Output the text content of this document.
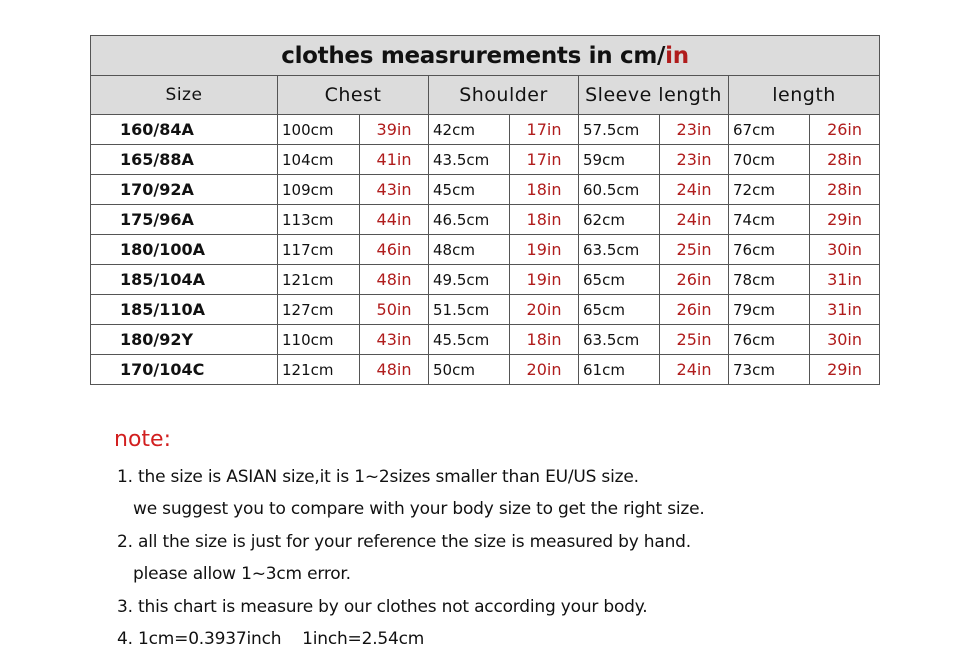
clothes measrurements in cm/in								
Size	Chest		Shoulder		Sleeve length		length	
160/84A	100cm	39in	42cm	17in	57.5cm	23in	67cm	26in
165/88A	104cm	41in	43.5cm	17in	59cm	23in	70cm	28in
170/92A	109cm	43in	45cm	18in	60.5cm	24in	72cm	28in
175/96A	113cm	44in	46.5cm	18in	62cm	24in	74cm	29in
180/100A	117cm	46in	48cm	19in	63.5cm	25in	76cm	30in
185/104A	121cm	48in	49.5cm	19in	65cm	26in	78cm	31in
185/110A	127cm	50in	51.5cm	20in	65cm	26in	79cm	31in
180/92Y	110cm	43in	45.5cm	18in	63.5cm	25in	76cm	30in
170/104C	121cm	48in	50cm	20in	61cm	24in	73cm	29in
note:
1. the size is ASIAN size,it is 1~2sizes smaller than EU/US size.
we suggest you to compare with your body size to get the right size.
2. all the size is just for your reference the size is measured by hand.
please allow 1~3cm error.
3. this chart is measure by our clothes not according your body.
4. 1cm=0.3937inch    1inch=2.54cm
